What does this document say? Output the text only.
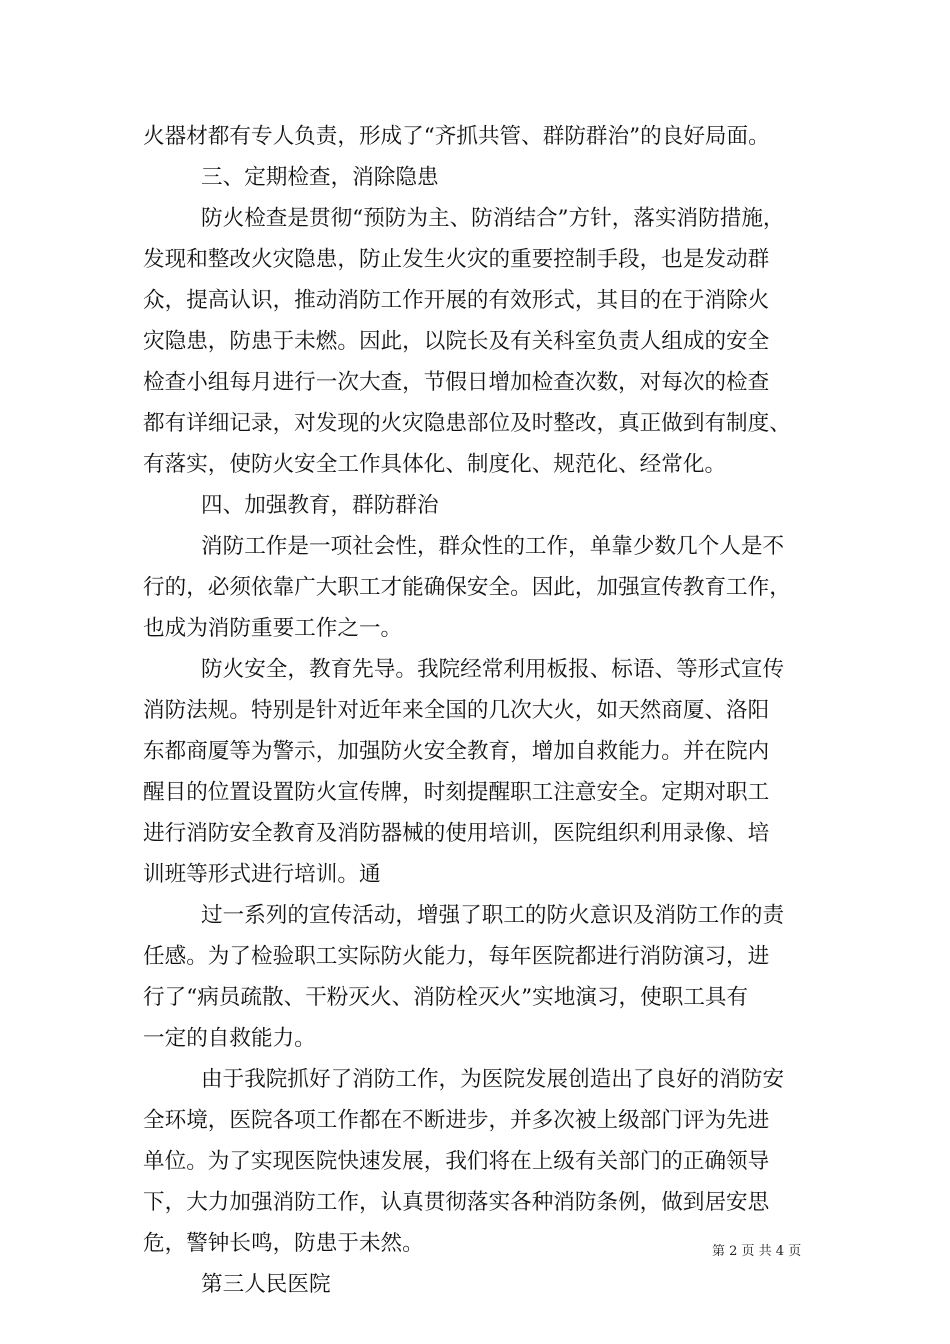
火器材都有专人负责，形成了“齐抓共管、群防群治”的良好局面。
三、定期检查，消除隐患
防火检查是贯彻“预防为主、防消结合”方针，落实消防措施，
发现和整改火灾隐患，防止发生火灾的重要控制手段，也是发动群
众，提高认识，推动消防工作开展的有效形式，其目的在于消除火
灾隐患，防患于未燃。因此，以院长及有关科室负责人组成的安全
检查小组每月进行一次大查，节假日增加检查次数，对每次的检查
都有详细记录，对发现的火灾隐患部位及时整改，真正做到有制度、
有落实，使防火安全工作具体化、制度化、规范化、经常化。
四、加强教育，群防群治
消防工作是一项社会性，群众性的工作，单靠少数几个人是不
行的，必须依靠广大职工才能确保安全。因此，加强宣传教育工作，
也成为消防重要工作之一。
防火安全，教育先导。我院经常利用板报、标语、等形式宣传
消防法规。特别是针对近年来全国的几次大火，如天然商厦、洛阳
东都商厦等为警示，加强防火安全教育，增加自救能力。并在院内
醒目的位置设置防火宣传牌，时刻提醒职工注意安全。定期对职工
进行消防安全教育及消防器械的使用培训，医院组织利用录像、培
训班等形式进行培训。通
过一系列的宣传活动，增强了职工的防火意识及消防工作的责
任感。为了检验职工实际防火能力，每年医院都进行消防演习，进
行了“病员疏散、干粉灭火、消防栓灭火”实地演习，使职工具有
一定的自救能力。
由于我院抓好了消防工作，为医院发展创造出了良好的消防安
全环境，医院各项工作都在不断进步，并多次被上级部门评为先进
单位。为了实现医院快速发展，我们将在上级有关部门的正确领导
下，大力加强消防工作，认真贯彻落实各种消防条例，做到居安思
危，警钟长鸣，防患于未然。
第三人民医院
第 2 页 共 4 页
